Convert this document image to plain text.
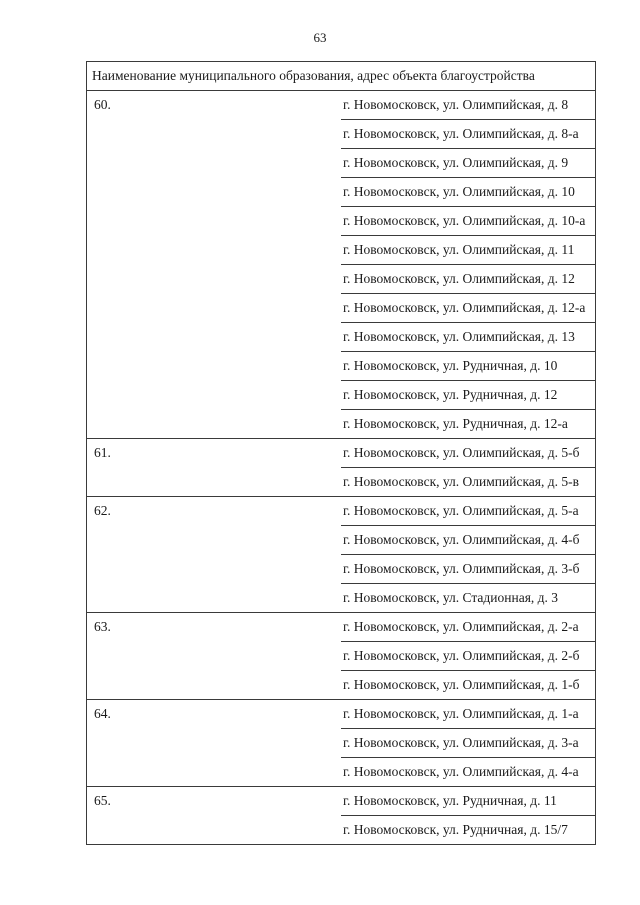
63
Наименование муниципального образования, адрес объекта благоустройства	
60.	г. Новомосковск, ул. Олимпийская, д. 8
	г. Новомосковск, ул. Олимпийская, д. 8-а
	г. Новомосковск, ул. Олимпийская, д. 9
	г. Новомосковск, ул. Олимпийская, д. 10
	г. Новомосковск, ул. Олимпийская, д. 10-а
	г. Новомосковск, ул. Олимпийская, д. 11
	г. Новомосковск, ул. Олимпийская, д. 12
	г. Новомосковск, ул. Олимпийская, д. 12-а
	г. Новомосковск, ул. Олимпийская, д. 13
	г. Новомосковск, ул. Рудничная, д. 10
	г. Новомосковск, ул. Рудничная, д. 12
	г. Новомосковск, ул. Рудничная, д. 12-а
61.	г. Новомосковск, ул. Олимпийская, д. 5-б
	г. Новомосковск, ул. Олимпийская, д. 5-в
62.	г. Новомосковск, ул. Олимпийская, д. 5-а
	г. Новомосковск, ул. Олимпийская, д. 4-б
	г. Новомосковск, ул. Олимпийская, д. 3-б
	г. Новомосковск, ул. Стадионная, д. 3
63.	г. Новомосковск, ул. Олимпийская, д. 2-а
	г. Новомосковск, ул. Олимпийская, д. 2-б
	г. Новомосковск, ул. Олимпийская, д. 1-б
64.	г. Новомосковск, ул. Олимпийская, д. 1-а
	г. Новомосковск, ул. Олимпийская, д. 3-а
	г. Новомосковск, ул. Олимпийская, д. 4-а
65.	г. Новомосковск, ул. Рудничная, д. 11
	г. Новомосковск, ул. Рудничная, д. 15/7
